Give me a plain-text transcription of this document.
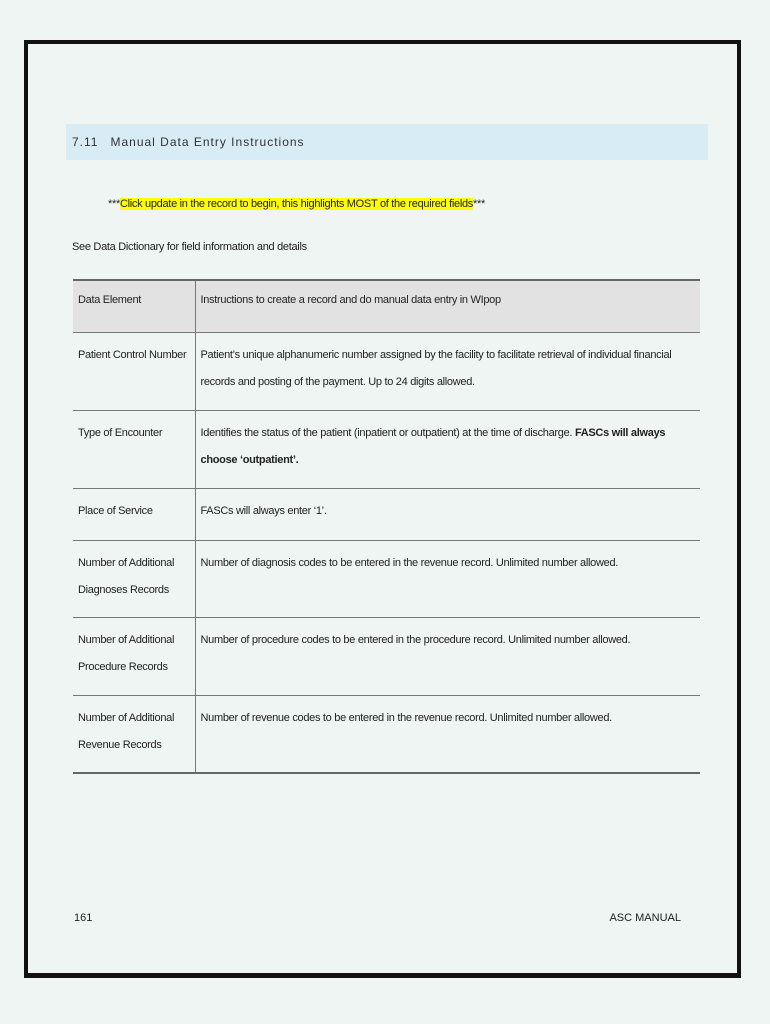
7.11 Manual Data Entry Instructions
***Click update in the record to begin, this highlights MOST of the required fields***
See Data Dictionary for field information and details
Data Element	Instructions to create a record and do manual data entry in WIpop
Patient Control Number	Patient’s unique alphanumeric number assigned by the facility to facilitate retrieval of individual financial records and posting of the payment. Up to 24 digits allowed.
Type of Encounter	Identifies the status of the patient (inpatient or outpatient) at the time of discharge. FASCs will always choose ‘outpatient’.
Place of Service	FASCs will always enter ‘1’.
Number of Additional Diagnoses Records	Number of diagnosis codes to be entered in the revenue record. Unlimited number allowed.
Number of Additional Procedure Records	Number of procedure codes to be entered in the procedure record. Unlimited number allowed.
Number of Additional Revenue Records	Number of revenue codes to be entered in the revenue record. Unlimited number allowed.
161	ASC MANUAL
